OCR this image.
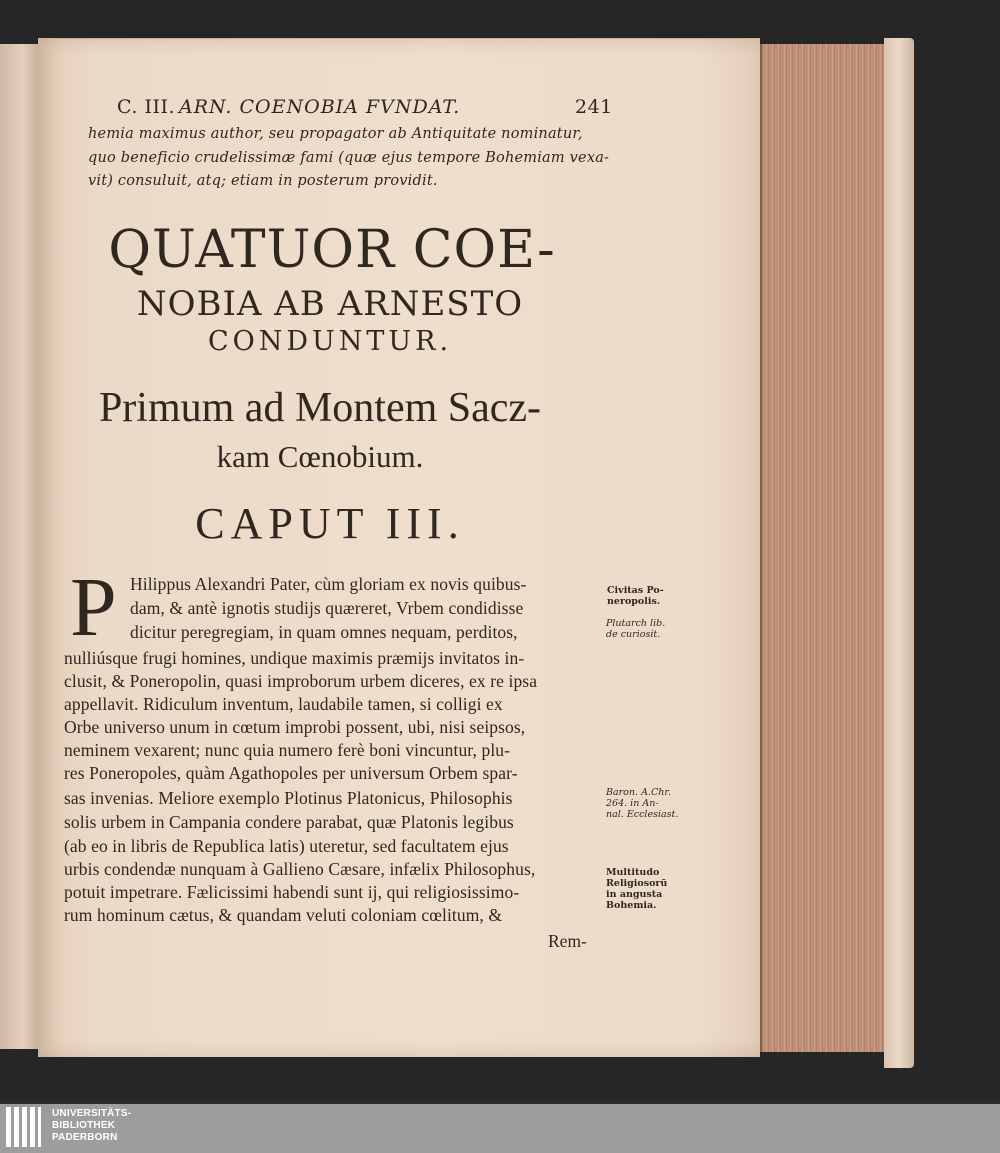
C. III. ARN. COENOBIA FVNDAT.	241
hemia maximus author, seu propagator ab Antiquitate nominatur,
quo beneficio crudelissimæ fami (quæ ejus tempore Bohemiam vexa-
vit) consuluit, atq; etiam in posterum providit.
QUATUOR COE-
NOBIA AB ARNESTO
CONDUNTUR.
Primum ad Montem Sacz-
kam Cœnobium.
CAPUT III.
P Hilippus Alexandri Pater, cùm gloriam ex novis quibus-
dam, & antè ignotis studijs quæreret, Vrbem condidisse
dicitur peregregiam, in quam omnes nequam, perditos,
nulliúsque frugi homines, undique maximis præmijs invitatos in-
clusit, & Poneropolin, quasi improborum urbem diceres, ex re ipsa
appellavit. Ridiculum inventum, laudabile tamen, si colligi ex
Orbe universo unum in cœtum improbi possent, ubi, nisi seipsos,
neminem vexarent; nunc quia numero ferè boni vincuntur, plu-
res Poneropoles, quàm Agathopoles per universum Orbem spar-
sas invenias. Meliore exemplo Plotinus Platonicus, Philosophis
solis urbem in Campania condere parabat, quæ Platonis legibus
(ab eo in libris de Republica latis) uteretur, sed facultatem ejus
urbis condendæ nunquam à Gallieno Cæsare, infælix Philosophus,
potuit impetrare. Fælicissimi habendi sunt ij, qui religiosissimo-
rum hominum cætus, & quandam veluti coloniam cœlitum, &
Rem-
Civitas Po-
neropolis.
Plutarch lib.
de curiosit.
Baron. A.Chr.
264. in An-
nal. Ecclesiast.
Multitudo
Religiosorū
in angusta
Bohemia.
UNIVERSITÄTS-
BIBLIOTHEK
PADERBORN
